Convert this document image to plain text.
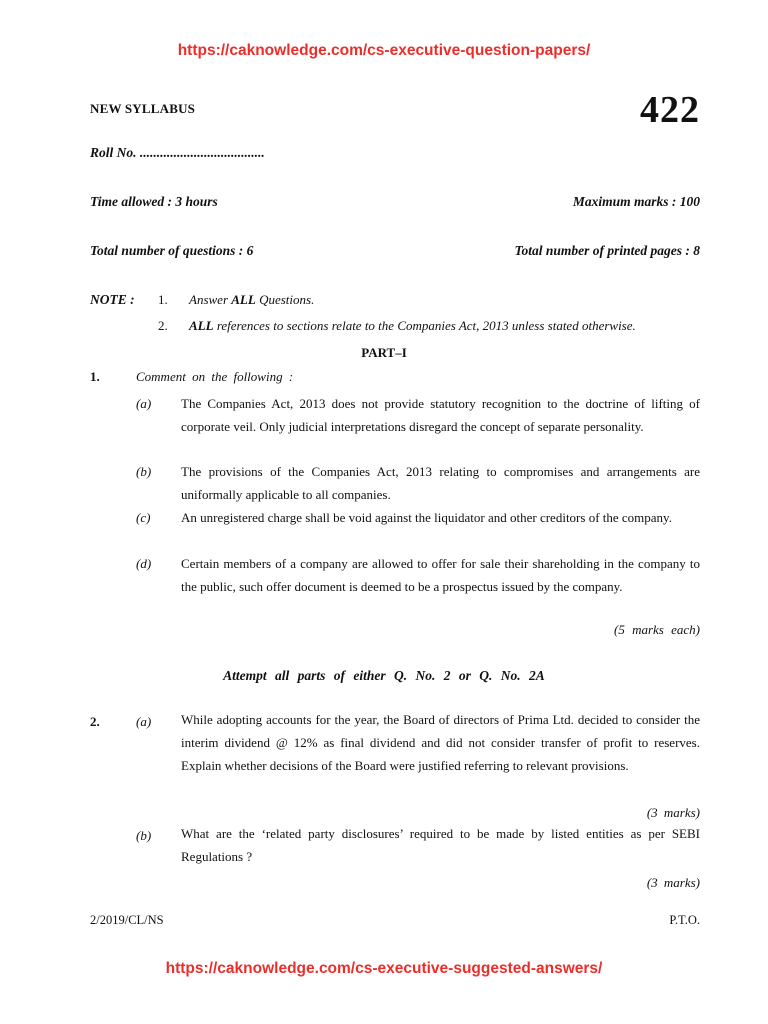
https://caknowledge.com/cs-executive-question-papers/
NEW SYLLABUS	422
Roll No. .....................................
Time allowed : 3 hours	Maximum marks : 100
Total number of questions : 6	Total number of printed pages : 8
NOTE : 1. Answer ALL Questions.
2. ALL references to sections relate to the Companies Act, 2013 unless stated otherwise.
PART–I
1.	Comment on the following :
(a) The Companies Act, 2013 does not provide statutory recognition to the doctrine of lifting of corporate veil. Only judicial interpretations disregard the concept of separate personality.
(b) The provisions of the Companies Act, 2013 relating to compromises and arrangements are uniformally applicable to all companies.
(c) An unregistered charge shall be void against the liquidator and other creditors of the company.
(d) Certain members of a company are allowed to offer for sale their shareholding in the company to the public, such offer document is deemed to be a prospectus issued by the company.
(5 marks each)
Attempt all parts of either Q. No. 2 or Q. No. 2A
2.	(a) While adopting accounts for the year, the Board of directors of Prima Ltd. decided to consider the interim dividend @ 12% as final dividend and did not consider transfer of profit to reserves. Explain whether decisions of the Board were justified referring to relevant provisions.
(3 marks)
(b) What are the ‘related party disclosures’ required to be made by listed entities as per SEBI Regulations ?
(3 marks)
2/2019/CL/NS	P.T.O.
https://caknowledge.com/cs-executive-suggested-answers/
